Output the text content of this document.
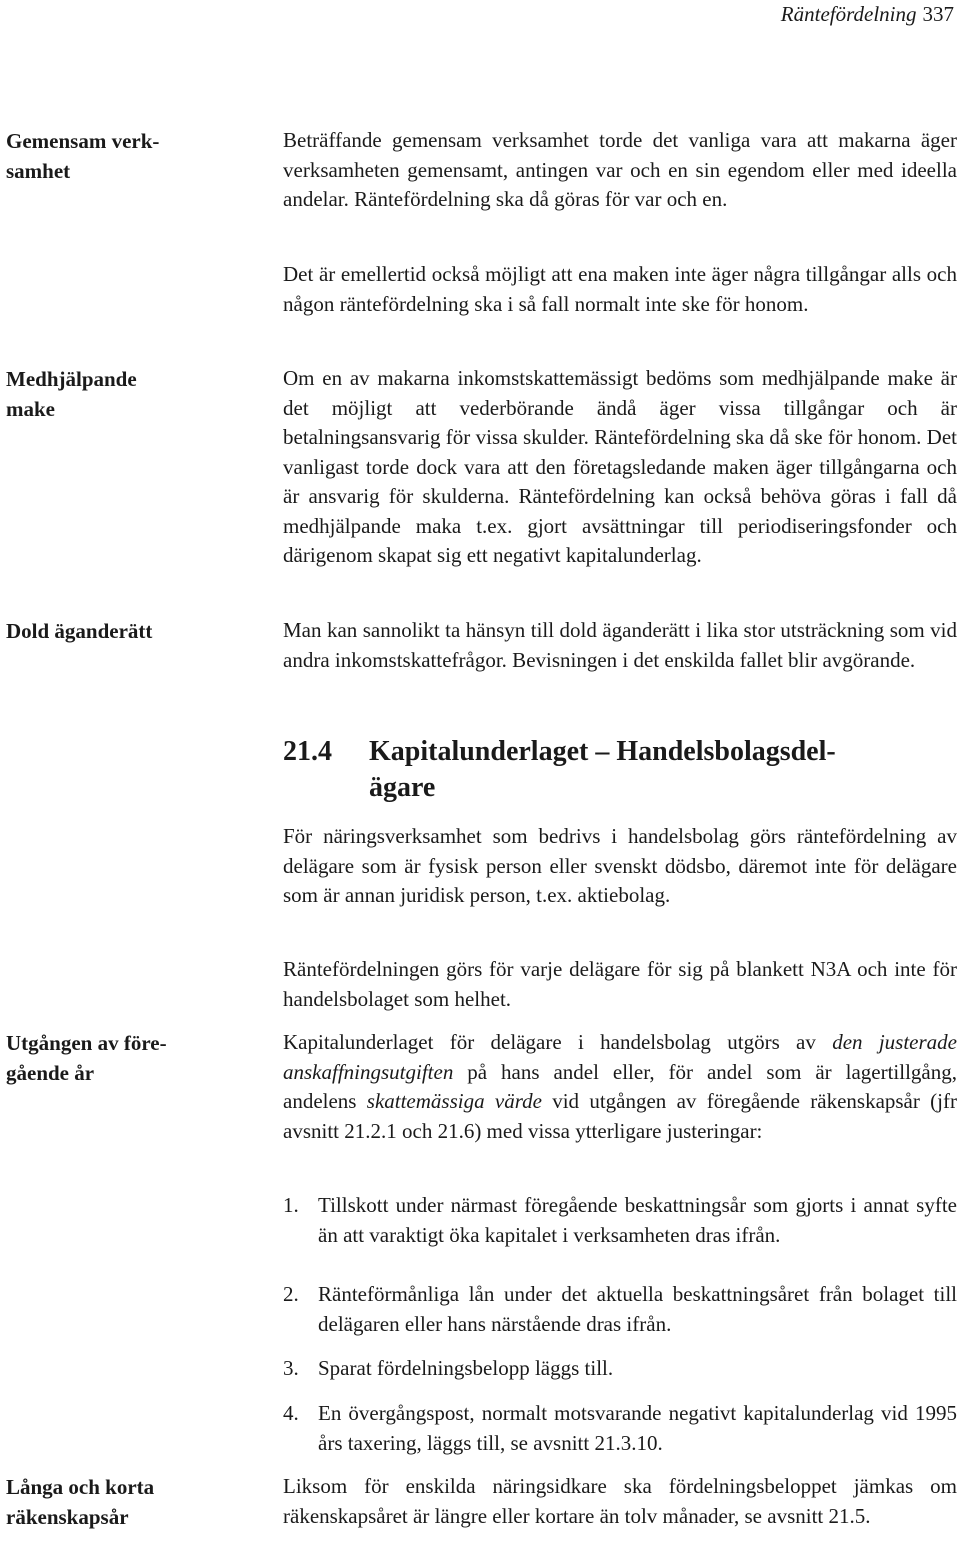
Räntefördelning 337
Gemensam verk-
samhet
Beträffande gemensam verksamhet torde det vanliga vara att makarna äger verksamheten gemensamt, antingen var och en sin egendom eller med ideella andelar. Räntefördelning ska då göras för var och en.
Det är emellertid också möjligt att ena maken inte äger några tillgångar alls och någon räntefördelning ska i så fall normalt inte ske för honom.
Medhjälpande
make
Om en av makarna inkomstskattemässigt bedöms som medhjälpande make är det möjligt att vederbörande ändå äger vissa tillgångar och är betalningsansvarig för vissa skulder. Räntefördelning ska då ske för honom. Det vanligast torde dock vara att den företagsledande maken äger tillgångarna och är ansvarig för skulderna. Räntefördelning kan också behöva göras i fall då medhjälpande maka t.ex. gjort avsättningar till periodiseringsfonder och därigenom skapat sig ett negativt kapitalunderlag.
Dold äganderätt	Man kan sannolikt ta hänsyn till dold äganderätt i lika stor utsträckning som vid andra inkomstskattefrågor. Bevisningen i det enskilda fallet blir avgörande.
21.4 Kapitalunderlaget – Handelsbolagsdel-
ägare
För näringsverksamhet som bedrivs i handelsbolag görs räntefördelning av delägare som är fysisk person eller svenskt dödsbo, däremot inte för delägare som är annan juridisk person, t.ex. aktiebolag.
Räntefördelningen görs för varje delägare för sig på blankett N3A och inte för handelsbolaget som helhet.
Utgången av före-
gående år
Kapitalunderlaget för delägare i handelsbolag utgörs av den justerade anskaffningsutgiften på hans andel eller, för andel som är lagertillgång, andelens skattemässiga värde vid utgången av föregående räkenskapsår (jfr avsnitt 21.2.1 och 21.6) med vissa ytterligare justeringar:
1. Tillskott under närmast föregående beskattningsår som gjorts i annat syfte än att varaktigt öka kapitalet i verksamheten dras ifrån.
2. Ränteförmånliga lån under det aktuella beskattningsåret från bolaget till delägaren eller hans närstående dras ifrån.
3. Sparat fördelningsbelopp läggs till.
4. En övergångspost, normalt motsvarande negativt kapitalunderlag vid 1995 års taxering, läggs till, se avsnitt 21.3.10.
Långa och korta
räkenskapsår
Liksom för enskilda näringsidkare ska fördelningsbeloppet jämkas om räkenskapsåret är längre eller kortare än tolv månader, se avsnitt 21.5.
